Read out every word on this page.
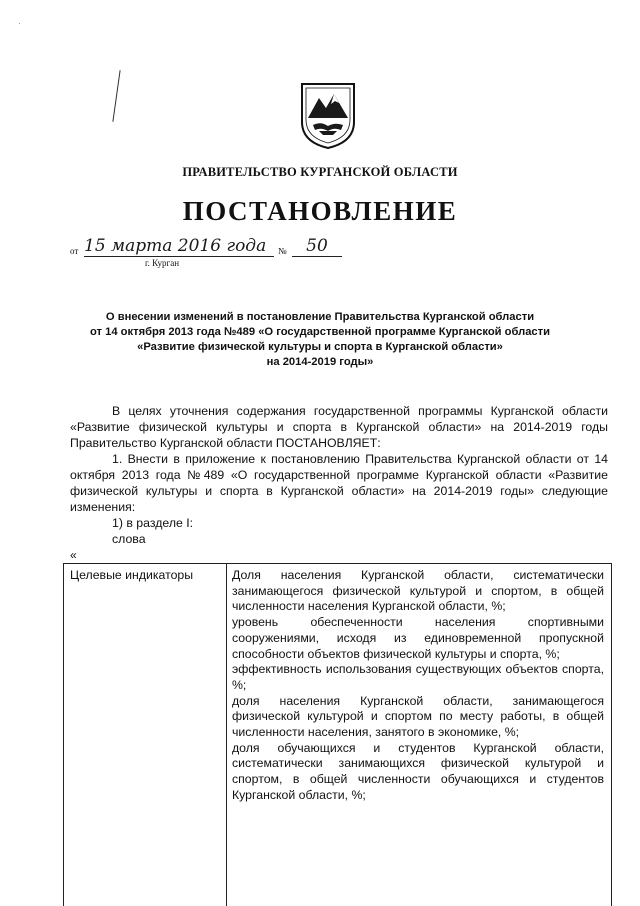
·
ПРАВИТЕЛЬСТВО КУРГАНСКОЙ ОБЛАСТИ
ПОСТАНОВЛЕНИЕ
от 15 марта 2016 года	№	50
г. Курган
О внесении изменений в постановление Правительства Курганской области
от 14 октября 2013 года №489 «О государственной программе Курганской области
«Развитие физической культуры и спорта в Курганской области»
на 2014-2019 годы»

В целях уточнения содержания государственной программы Курганской области «Развитие физической культуры и спорта в Курганской области» на 2014-2019 годы Правительство Курганской области ПОСТАНОВЛЯЕТ:

1. Внести в приложение к постановлению Правительства Курганской области от 14 октября 2013 года №489 «О государственной программе Курганской области «Развитие физической культуры и спорта в Курганской области» на 2014-2019 годы» следующие изменения:

1) в разделе I:

слова

«
Целевые индикаторы	Доля населения Курганской области, систематически занимающегося физической культурой и спортом, в общей численности населения Курганской области, %;

уровень обеспеченности населения спортивными сооружениями, исходя из единовременной пропускной способности объектов физической культуры и спорта, %;

эффективность использования существующих объектов спорта, %;

доля населения Курганской области, занимающегося физической культурой и спортом по месту работы, в общей численности населения, занятого в экономике, %;

доля обучающихся и студентов Курганской области, систематически занимающихся физической культурой и спортом, в общей численности обучающихся и студентов Курганской области, %;
